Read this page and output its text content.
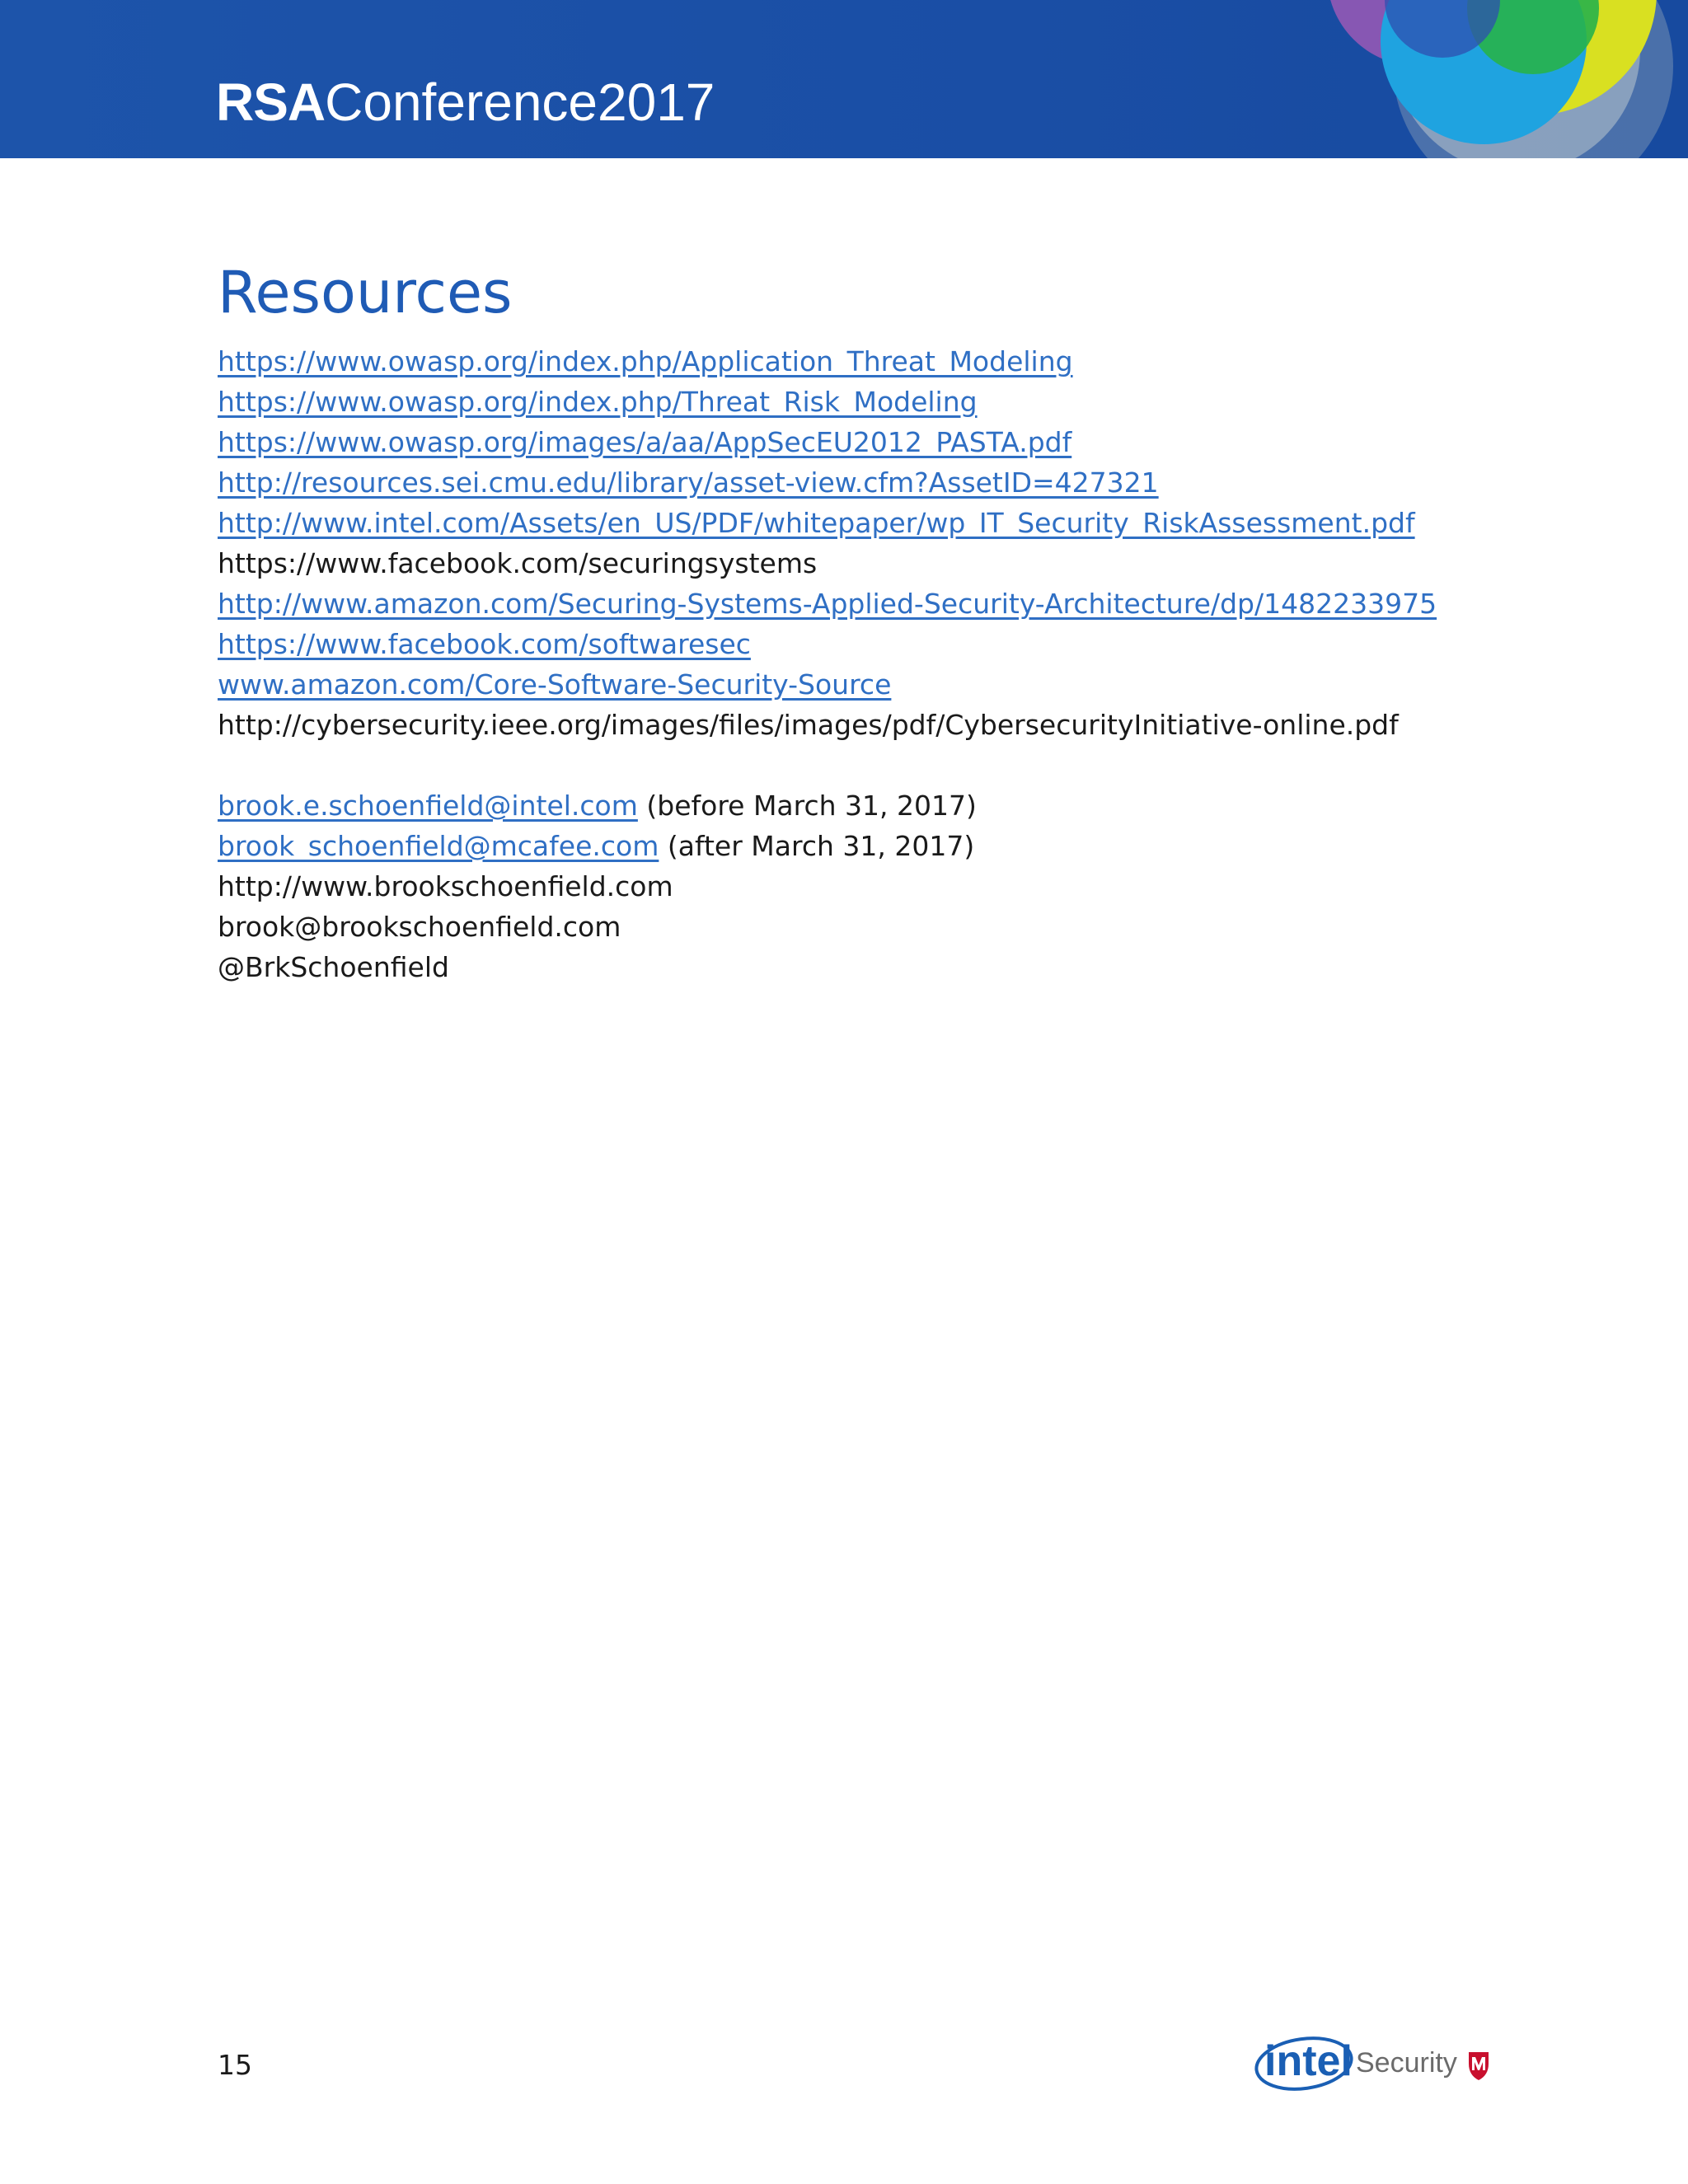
RSAConference2017
Resources
https://www.owasp.org/index.php/Application_Threat_Modeling
https://www.owasp.org/index.php/Threat_Risk_Modeling
https://www.owasp.org/images/a/aa/AppSecEU2012_PASTA.pdf
http://resources.sei.cmu.edu/library/asset-view.cfm?AssetID=427321
http://www.intel.com/Assets/en_US/PDF/whitepaper/wp_IT_Security_RiskAssessment.pdf
https://www.facebook.com/securingsystems
http://www.amazon.com/Securing-Systems-Applied-Security-Architecture/dp/1482233975
https://www.facebook.com/softwaresec
www.amazon.com/Core-Software-Security-Source
http://cybersecurity.ieee.org/images/files/images/pdf/CybersecurityInitiative-online.pdf
brook.e.schoenfield@intel.com (before March 31, 2017)
brook_schoenfield@mcafee.com (after March 31, 2017)
http://www.brookschoenfield.com
brook@brookschoenfield.com
@BrkSchoenfield
15	intel Security
